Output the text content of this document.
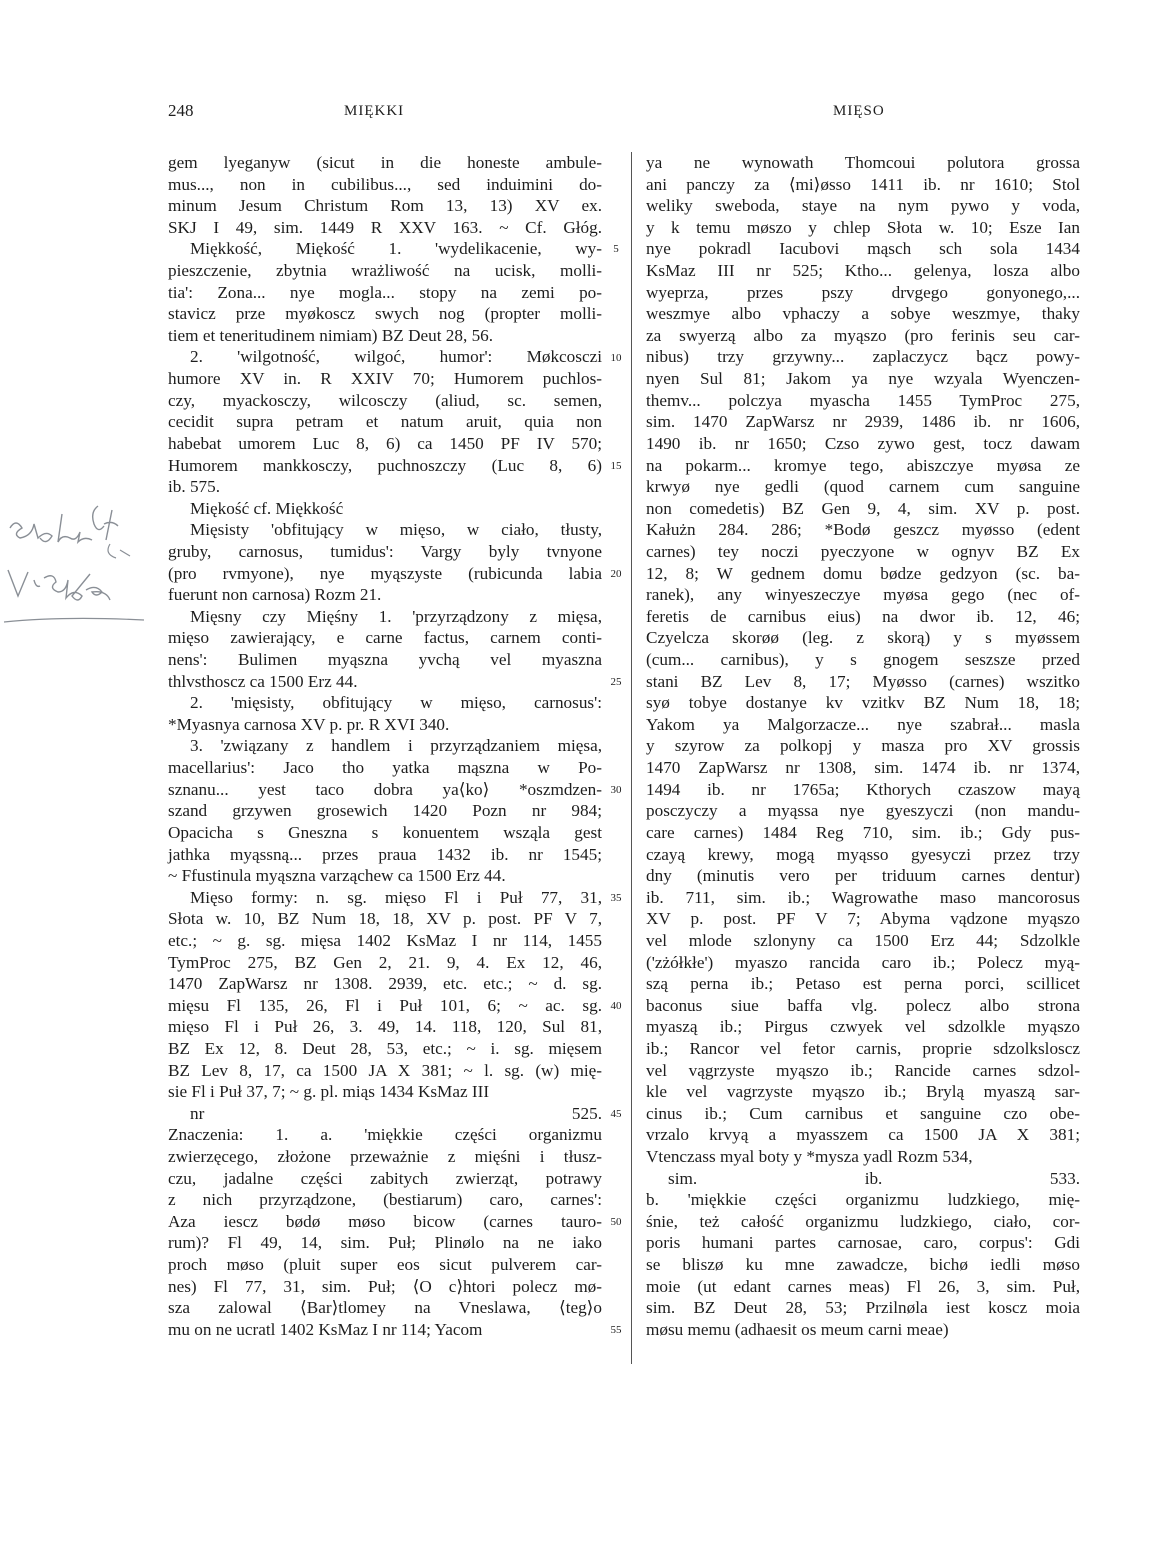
248	MIĘKKI	MIĘSO
gem lyeganyw (sicut in die honeste ambule-
mus..., non in cubilibus..., sed induimini do-
minum Jesum Christum Rom 13, 13) XV ex.
SKJ I 49, sim. 1449 R XXV 163. ~ Cf. Głóg.
Miękkość, Miękość 1. 'wydelikacenie, wy-
pieszczenie, zbytnia wrażliwość na ucisk, molli-
tia': Zona... nye mogla... stopy na zemi po-
stavicz prze myøkoscz swych nog (propter molli-
tiem et teneritudinem nimiam) BZ Deut 28, 56.
2. 'wilgotność, wilgoć, humor': Møkcosczi
humore XV in. R XXIV 70; Humorem puchlos-
czy, myackosczy, wilcosczy (aliud, sc. semen,
cecidit supra petram et natum aruit, quia non
habebat umorem Luc 8, 6) ca 1450 PF IV 570;
Humorem mankkosczy, puchnoszczy (Luc 8, 6)
ib. 575.
Miękość cf. Miękkość
Mięsisty 'obfitujący w mięso, w ciało, tłusty,
gruby, carnosus, tumidus': Vargy byly tvnyone
(pro rvmyone), nye myąszyste (rubicunda labia
fuerunt non carnosa) Rozm 21.
Mięsny czy Mięśny 1. 'przyrządzony z mięsa,
mięso zawierający, e carne factus, carnem conti-
nens': Bulimen myąszna yvchą vel myaszna
thlvsthoscz ca 1500 Erz 44.
2. 'mięsisty, obfitujący w mięso, carnosus':
*Myasnya carnosa XV p. pr. R XVI 340.
3. 'związany z handlem i przyrządzaniem mięsa,
macellarius': Jaco tho yatka mąszna w Po-
sznanu... yest taco dobra ya⟨ko⟩ *oszmdzen-
szand grzywen grosewich 1420 Pozn nr 984;
Opacicha s Gneszna s konuentem wsząla gest
jathka myąssną... przes praua 1432 ib. nr 1545;
~ Ffustinula myąszna varząchew ca 1500 Erz 44.
Mięso formy: n. sg. mięso Fl i Puł 77, 31,
Słota w. 10, BZ Num 18, 18, XV p. post. PF V 7,
etc.; ~ g. sg. mięsa 1402 KsMaz I nr 114, 1455
TymProc 275, BZ Gen 2, 21. 9, 4. Ex 12, 46,
1470 ZapWarsz nr 1308. 2939, etc. etc.; ~ d. sg.
mięsu Fl 135, 26, Fl i Puł 101, 6; ~ ac. sg.
mięso Fl i Puł 26, 3. 49, 14. 118, 120, Sul 81,
BZ Ex 12, 8. Deut 28, 53, etc.; ~ i. sg. mięsem
BZ Lev 8, 17, ca 1500 JA X 381; ~ l. sg. (w) mię-
sie Fl i Puł 37, 7; ~ g. pl. miąs 1434 KsMaz III
nr 525.
Znaczenia: 1. a. 'miękkie części organizmu
zwierzęcego, złożone przeważnie z mięśni i tłusz-
czu, jadalne części zabitych zwierząt, potrawy
z nich przyrządzone, (bestiarum) caro, carnes':
Aza iescz bødø møso bicow (carnes tauro-
rum)? Fl 49, 14, sim. Puł; Plinølo na ne iako
proch møso (pluit super eos sicut pulverem car-
nes) Fl 77, 31, sim. Puł; ⟨O c⟩htori polecz mø-
sza zalowal ⟨Bar⟩tlomey na Vneslawa, ⟨teg⟩o
mu on ne ucratl 1402 KsMaz I nr 114; Yacom
5
10
15
20
25
30
35
40
45
50
55
ya ne wynowath Thomcoui polutora grossa
ani panczy za ⟨mi⟩øsso 1411 ib. nr 1610; Stol
weliky sweboda, staye na nym pywo y voda,
y k temu møszo y chlep Słota w. 10; Esze Ian
nye pokradl Iacubovi mąsch sch sola 1434
KsMaz III nr 525; Ktho... gelenya, losza albo
wyeprza, przes pszy drvgego gonyonego,...
weszmye albo vphaczy a sobye weszmye, thaky
za swyerzą albo za myąszo (pro ferinis seu car-
nibus) trzy grzywny... zaplaczycz bącz powy-
nyen Sul 81; Jakom ya nye wzyala Wyenczen-
themv... polczya myascha 1455 TymProc 275,
sim. 1470 ZapWarsz nr 2939, 1486 ib. nr 1606,
1490 ib. nr 1650; Czso zywo gest, tocz dawam
na pokarm... kromye tego, abiszczye myøsa ze
krwyø nye gedli (quod carnem cum sanguine
non comedetis) BZ Gen 9, 4, sim. XV p. post.
Kałużn 284. 286; *Bodø geszcz myøsso (edent
carnes) tey noczi pyeczyone w ognyv BZ Ex
12, 8; W gednem domu bødze gedzyon (sc. ba-
ranek), any winyeszeczye myøsa gego (nec of-
feretis de carnibus eius) na dwor ib. 12, 46;
Czyelcza skorøø (leg. z skorą) y s myøssem
(cum... carnibus), y s gnogem seszsze przed
stani BZ Lev 8, 17; Myøsso (carnes) wszitko
syø tobye dostanye kv vzitkv BZ Num 18, 18;
Yakom ya Malgorzacze... nye szabrał... masla
y szyrow za polkopj y masza pro XV grossis
1470 ZapWarsz nr 1308, sim. 1474 ib. nr 1374,
1494 ib. nr 1765a; Kthorych czaszow mayą
posczyczy a myąssa nye gyeszyczi (non mandu-
care carnes) 1484 Reg 710, sim. ib.; Gdy pus-
czayą krewy, mogą myąsso gyesyczi przez trzy
dny (minutis vero per triduum carnes dentur)
ib. 711, sim. ib.; Wagrowathe maso mancorosus
XV p. post. PF V 7; Abyma vądzone myąszo
vel mlode szlonyny ca 1500 Erz 44; Sdzolkle
('zżółkłe') myaszo rancida caro ib.; Polecz myą-
szą perna ib.; Petaso est perna porci, scillicet
baconus siue baffa vlg. polecz albo strona
myaszą ib.; Pirgus czwyek vel sdzolkle myąszo
ib.; Rancor vel fetor carnis, proprie sdzolksloscz
vel vągrzyste myąszo ib.; Rancide carnes sdzol-
kle vel vagrzyste myąszo ib.; Brylą myaszą sar-
cinus ib.; Cum carnibus et sanguine czo obe-
vrzalo krvyą a myasszem ca 1500 JA X 381;
Vtenczass myal boty y *mysza yadl Rozm 534,
sim. ib. 533.
b. 'miękkie części organizmu ludzkiego, mię-
śnie, też całość organizmu ludzkiego, ciało, cor-
poris humani partes carnosae, caro, corpus': Gdi
se bliszø ku mne zawadcze, bichø iedli møso
moie (ut edant carnes meas) Fl 26, 3, sim. Puł,
sim. BZ Deut 28, 53; Przilnøla iest koscz moia
møsu memu (adhaesit os meum carni meae)
